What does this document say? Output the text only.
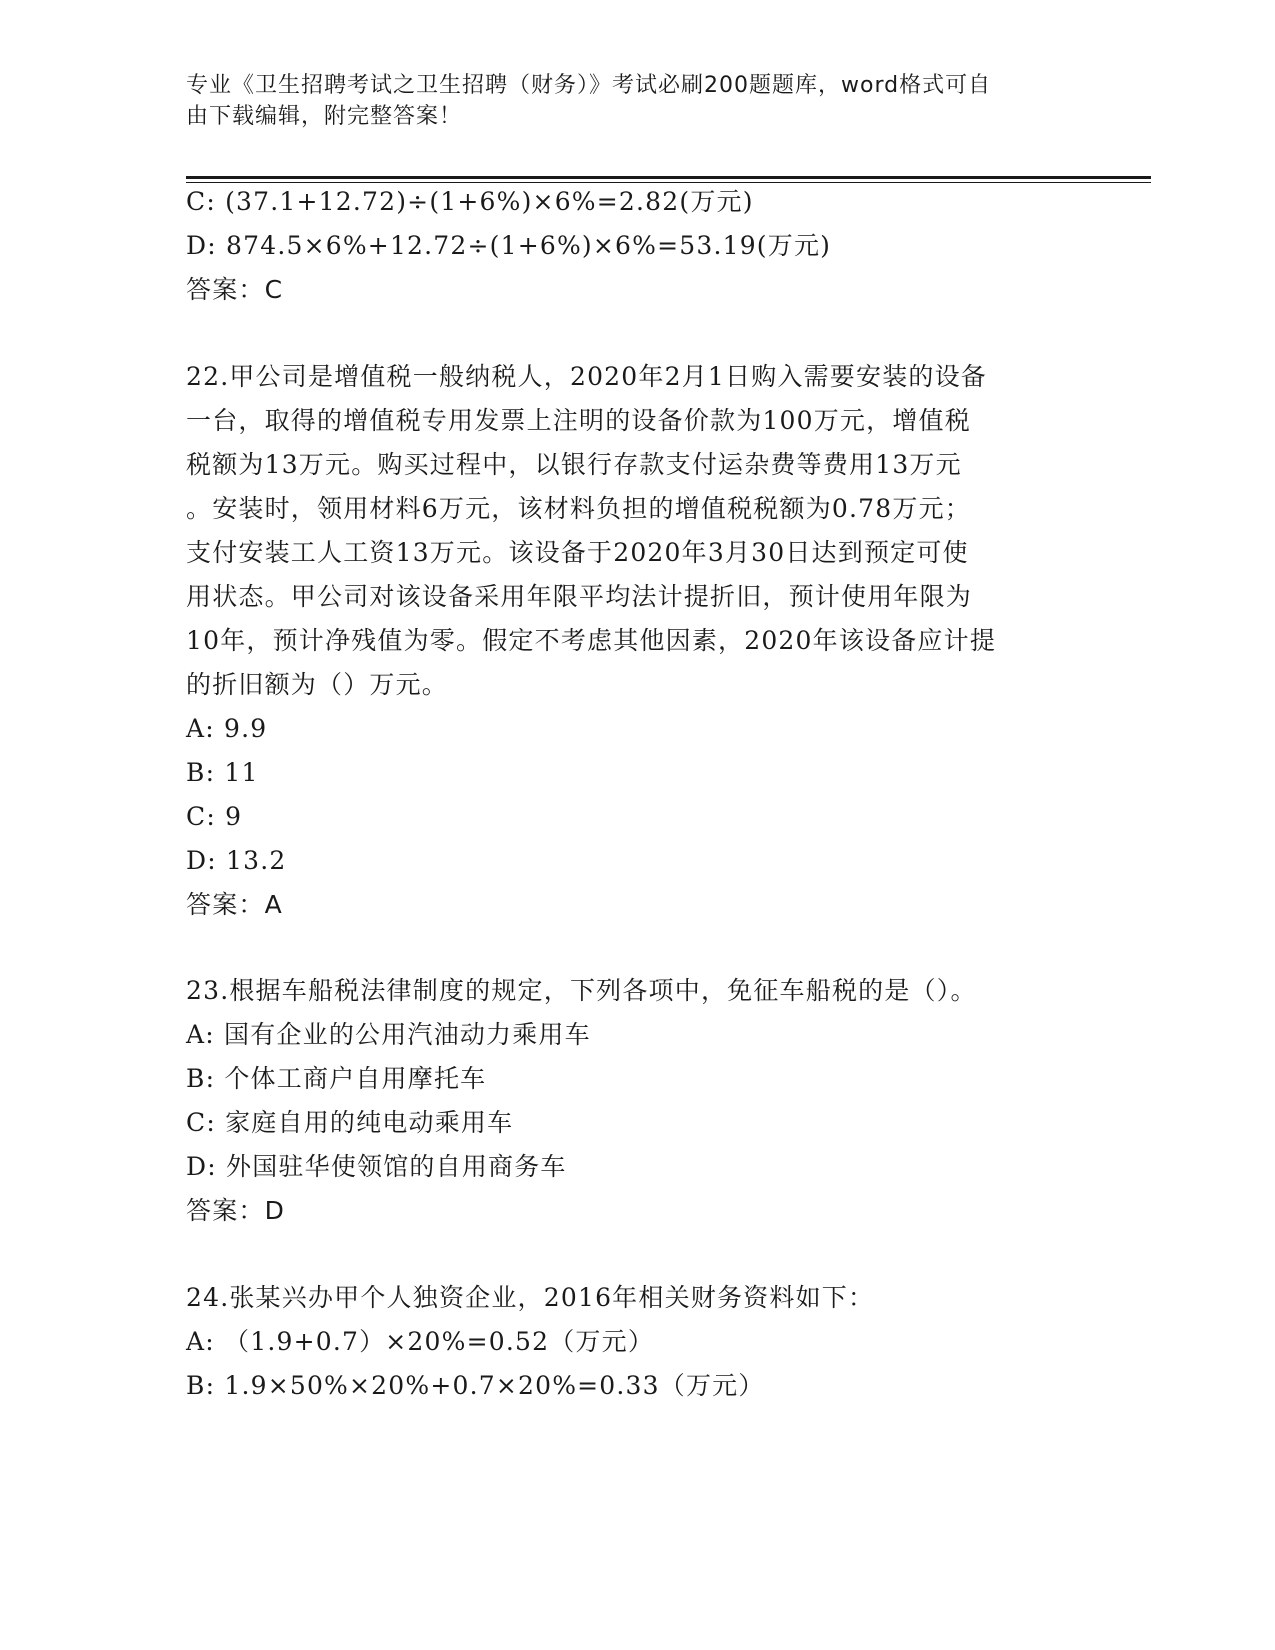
专业《卫生招聘考试之卫生招聘（财务）》考试必刷200题题库，word格式可自
由下载编辑，附完整答案！
C: (37.1+12.72)÷(1+6%)×6%=2.82(万元)
D: 874.5×6%+12.72÷(1+6%)×6%=53.19(万元)
答案：C
22.甲公司是增值税一般纳税人，2020年2月1日购入需要安装的设备
一台，取得的增值税专用发票上注明的设备价款为100万元，增值税
税额为13万元。购买过程中，以银行存款支付运杂费等费用13万元
。安装时，领用材料6万元，该材料负担的增值税税额为0.78万元；
支付安装工人工资13万元。该设备于2020年3月30日达到预定可使
用状态。甲公司对该设备采用年限平均法计提折旧，预计使用年限为
10年，预计净残值为零。假定不考虑其他因素，2020年该设备应计提
的折旧额为（）万元。
A: 9.9
B: 11
C: 9
D: 13.2
答案：A
23.根据车船税法律制度的规定，下列各项中，免征车船税的是（）。
A: 国有企业的公用汽油动力乘用车
B: 个体工商户自用摩托车
C: 家庭自用的纯电动乘用车
D: 外国驻华使领馆的自用商务车
答案：D
24.张某兴办甲个人独资企业，2016年相关财务资料如下：
A: （1.9+0.7）×20%=0.52（万元）
B: 1.9×50%×20%+0.7×20%=0.33（万元）
